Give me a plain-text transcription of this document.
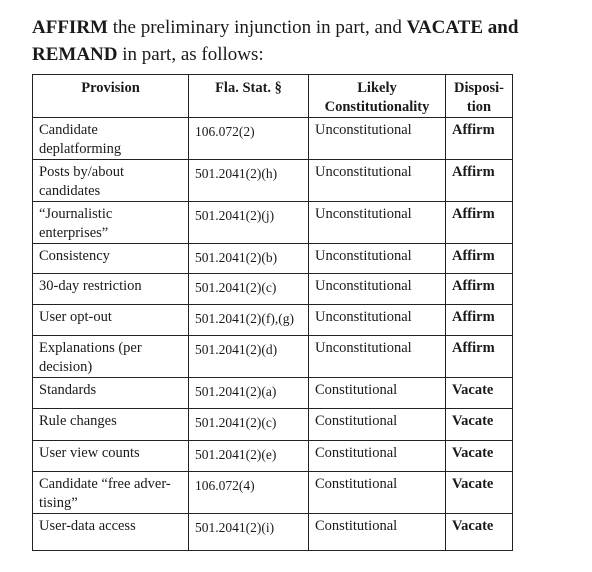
AFFIRM the preliminary injunction in part, and VACATE and REMAND in part, as follows:
Provision	Fla. Stat. §	Likely Constitutionality	Disposi-tion
Candidate deplatforming	106.072(2)	Unconstitutional	Affirm
Posts by/about candidates	501.2041(2)(h)	Unconstitutional	Affirm
“Journalistic enterprises”	501.2041(2)(j)	Unconstitutional	Affirm
Consistency	501.2041(2)(b)	Unconstitutional	Affirm
30-day restriction	501.2041(2)(c)	Unconstitutional	Affirm
User opt-out	501.2041(2)(f),(g)	Unconstitutional	Affirm
Explanations (per decision)	501.2041(2)(d)	Unconstitutional	Affirm
Standards	501.2041(2)(a)	Constitutional	Vacate
Rule changes	501.2041(2)(c)	Constitutional	Vacate
User view counts	501.2041(2)(e)	Constitutional	Vacate
Candidate “free adver-tising”	106.072(4)	Constitutional	Vacate
User-data access	501.2041(2)(i)	Constitutional	Vacate
